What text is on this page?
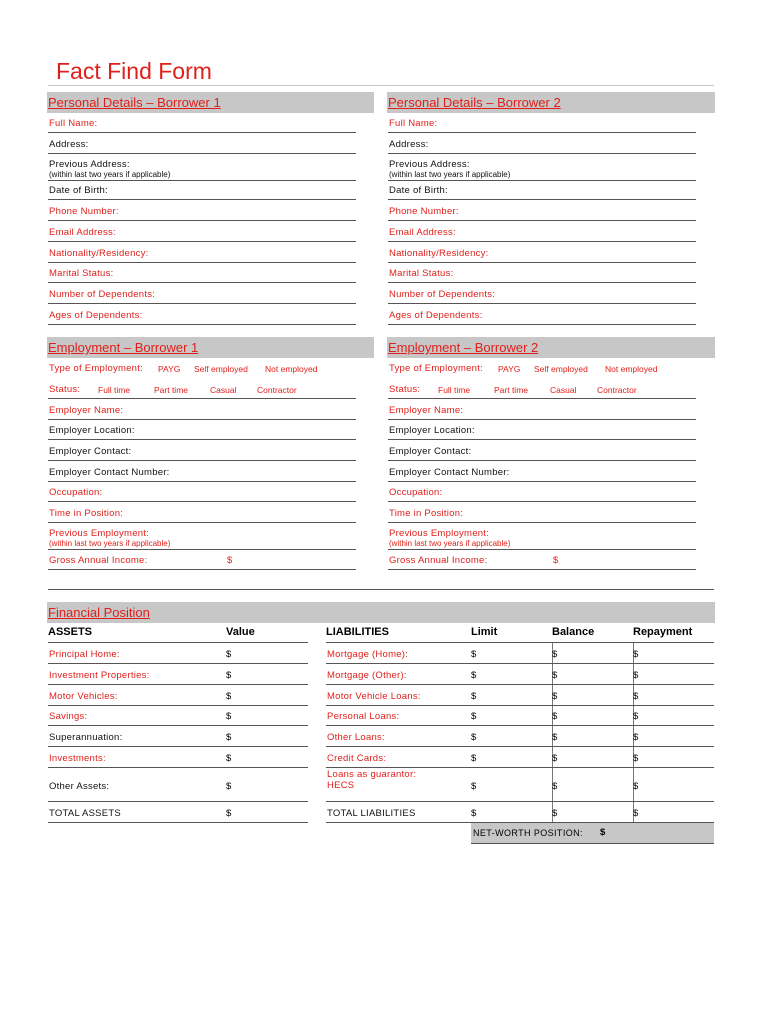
Fact Find Form
Personal Details – Borrower 1	Personal Details – Borrower 2
Full Name:
Address:
Previous Address:
(within last two years if applicable)
Date of Birth:
Phone Number:
Email Address:
Nationality/Residency:
Marital Status:
Number of Dependents:
Ages of Dependents:
Full Name:
Address:
Previous Address:
(within last two years if applicable)
Date of Birth:
Phone Number:
Email Address:
Nationality/Residency:
Marital Status:
Number of Dependents:
Ages of Dependents:
Employment – Borrower 1	Employment – Borrower 2
Type of Employment: PAYG Self employed Not employed
Status: Full time	Part time	Casual Contractor
Employer Name:
Employer Location:
Employer Contact:
Employer Contact Number:
Occupation:
Time in Position:
Previous Employment:
(within last two years if applicable)
Gross Annual Income:	$
Type of Employment: PAYG Self employed Not employed
Status: Full time	Part time	Casual Contractor
Employer Name:
Employer Location:
Employer Contact:
Employer Contact Number:
Occupation:
Time in Position:
Previous Employment:
(within last two years if applicable)
Gross Annual Income:	$
Financial Position
ASSETS	Value	LIABILITIES	Limit	Balance	Repayment
Principal Home:	$
Investment Properties:	$
Motor Vehicles:	$
Savings:	$
Superannuation:	$
Investments:	$
Other Assets:	$
TOTAL ASSETS	$
Mortgage (Home):	$	$	$
Mortgage (Other):	$	$	$
Motor Vehicle Loans:	$	$	$
Personal Loans:	$	$	$
Other Loans:	$	$	$
Credit Cards:	$	$	$
Loans as guarantor:
HECS	$	$	$
TOTAL LIABILITIES	$	$	$
NET-WORTH POSITION: $
